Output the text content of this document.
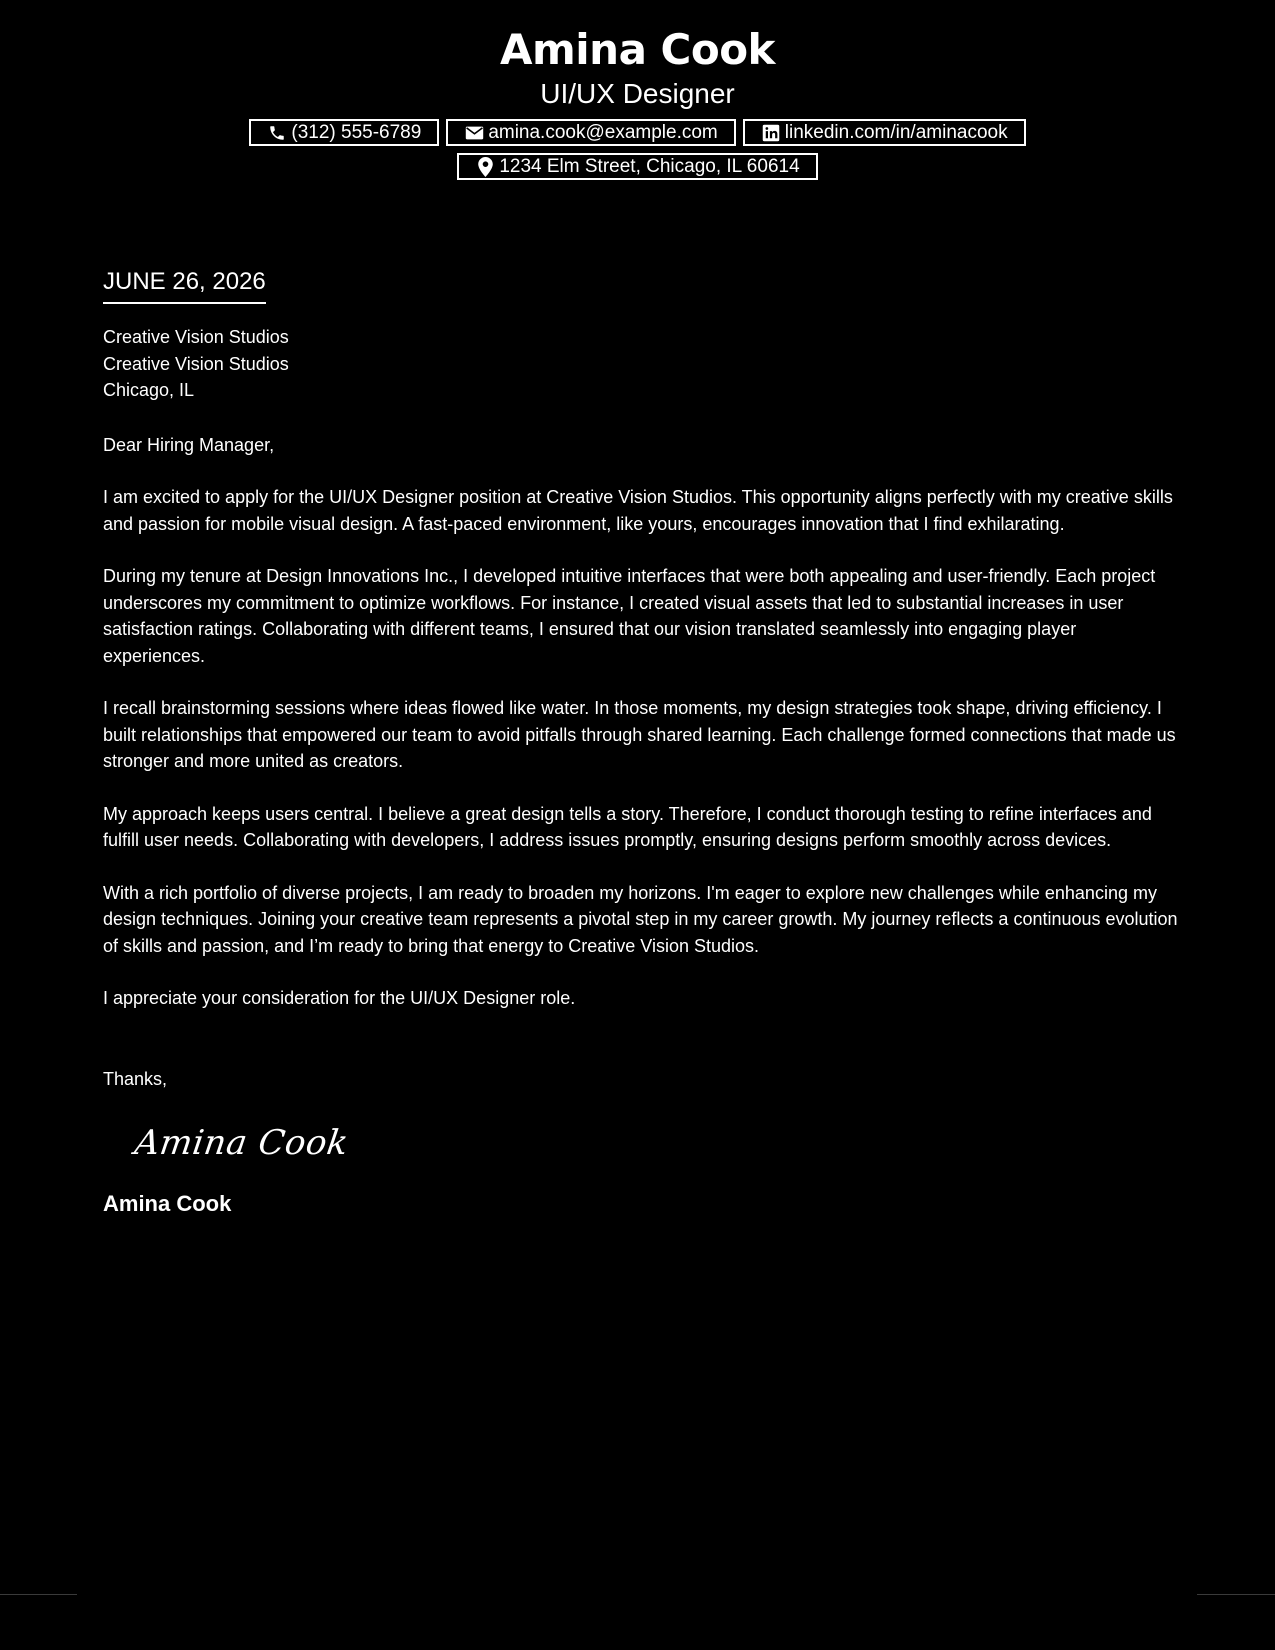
Amina Cook
UI/UX Designer
(312) 555-6789	amina.cook@example.com	linkedin.com/in/aminacook
1234 Elm Street, Chicago, IL 60614
JUNE 26, 2026
Creative Vision Studios
Creative Vision Studios
Chicago, IL
Dear Hiring Manager,

I am excited to apply for the UI/UX Designer position at Creative Vision Studios. This opportunity aligns perfectly with my creative skills and passion for mobile visual design. A fast-paced environment, like yours, encourages innovation that I find exhilarating.

During my tenure at Design Innovations Inc., I developed intuitive interfaces that were both appealing and user-friendly. Each project underscores my commitment to optimize workflows. For instance, I created visual assets that led to substantial increases in user satisfaction ratings. Collaborating with different teams, I ensured that our vision translated seamlessly into engaging player experiences.

I recall brainstorming sessions where ideas flowed like water. In those moments, my design strategies took shape, driving efficiency. I built relationships that empowered our team to avoid pitfalls through shared learning. Each challenge formed connections that made us stronger and more united as creators.

My approach keeps users central. I believe a great design tells a story. Therefore, I conduct thorough testing to refine interfaces and fulfill user needs. Collaborating with developers, I address issues promptly, ensuring designs perform smoothly across devices.

With a rich portfolio of diverse projects, I am ready to broaden my horizons. I'm eager to explore new challenges while enhancing my design techniques. Joining your creative team represents a pivotal step in my career growth. My journey reflects a continuous evolution of skills and passion, and I’m ready to bring that energy to Creative Vision Studios.

I appreciate your consideration for the UI/UX Designer role.

Thanks,
Amina Cook
Amina Cook
